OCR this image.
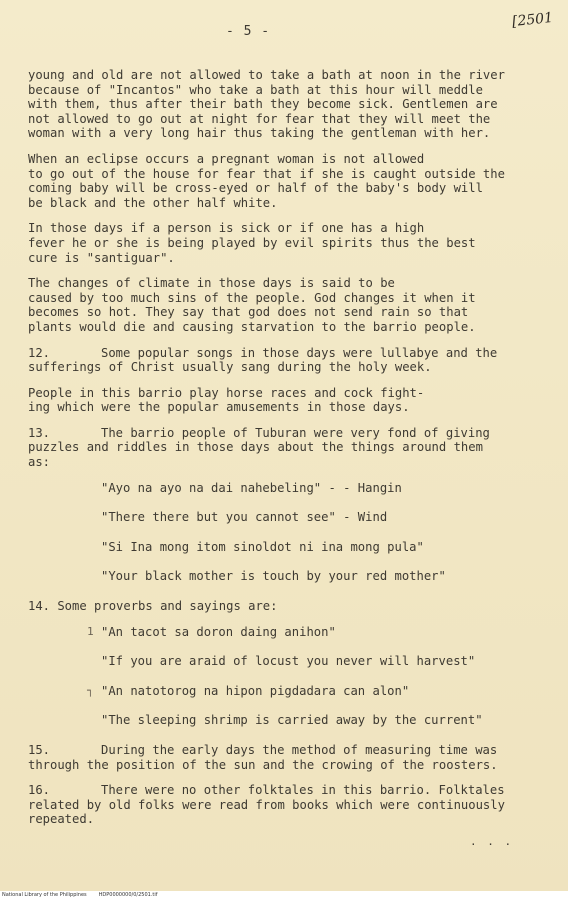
- 5 -
[2501

young and old are not allowed to take a bath at noon in the river
because of "Incantos" who take a bath at this hour will meddle
with them, thus after their bath they become sick. Gentlemen are
not allowed to go out at night for fear that they will meet the
woman with a very long hair thus taking the gentleman with her.

When an eclipse occurs a pregnant woman is not allowed
to go out of the house for fear that if she is caught outside the
coming baby will be cross-eyed or half of the baby's body will
be black and the other half white.

In those days if a person is sick or if one has a high
fever he or she is being played by evil spirits thus the best
cure is "santiguar".

The changes of climate in those days is said to be
caused by too much sins of the people. God changes it when it
becomes so hot. They say that god does not send rain so that
plants would die and causing starvation to the barrio people.

12.	Some popular songs in those days were lullabye and the
sufferings of Christ usually sang during the holy week.

People in this barrio play horse races and cock fight-
ing which were the popular amusements in those days.

13.	The barrio people of Tuburan were very fond of giving
puzzles and riddles in those days about the things around them
as:

"Ayo na ayo na dai nahebeling" - - Hangin
"There there but you cannot see" - Wind
"Si Ina mong itom sinoldot ni ina mong pula"
"Your black mother is touch by your red mother"

14. Some proverbs and sayings are:

1 "An tacot sa doron daing anihon"
"If you are araid of locust you never will harvest"
┐ "An natotorog na hipon pigdadara can alon"
"The sleeping shrimp is carried away by the current"

15.	During the early days the method of measuring time was
through the position of the sun and the crowing of the roosters.

16.	There were no other folktales in this barrio. Folktales
related by old folks were read from books which were continuously
repeated.

. . .
National Library of the Philippines HDP0000000/0/2501.tif
